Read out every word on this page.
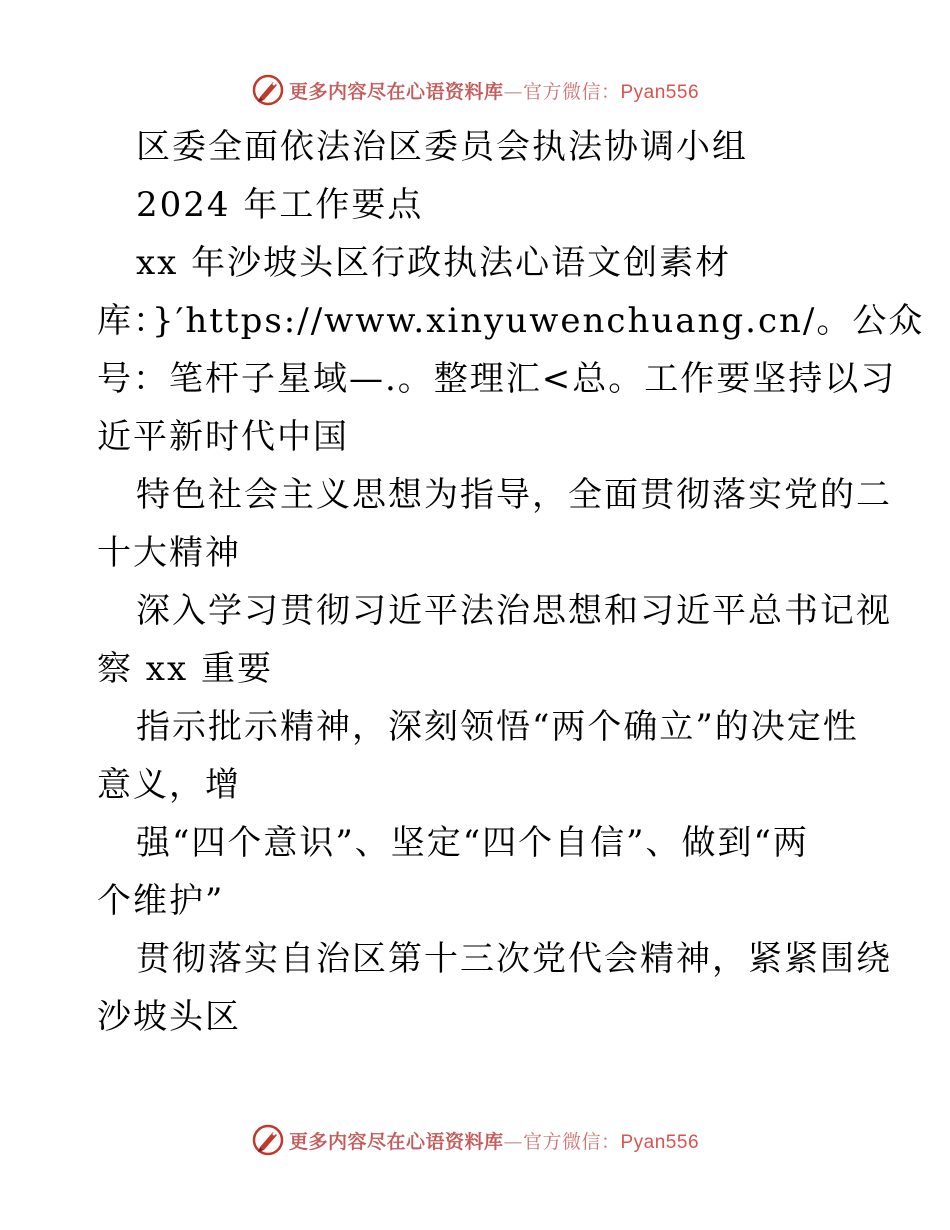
更多内容尽在心语资料库—官方微信：Pyan556
区委全面依法治区委员会执法协调小组
2024 年工作要点
xx 年沙坡头区行政执法心语文创素材
库：}′https://www.xinyuwenchuang.cn/。公众
号：笔杆子星域—.。整理汇<总。工作要坚持以习
近平新时代中国
特色社会主义思想为指导，全面贯彻落实党的二
十大精神
深入学习贯彻习近平法治思想和习近平总书记视
察 xx 重要
指示批示精神，深刻领悟“两个确立”的决定性
意义，增
强“四个意识”、坚定“四个自信”、做到“两
个维护”
贯彻落实自治区第十三次党代会精神，紧紧围绕
沙坡头区
更多内容尽在心语资料库—官方微信：Pyan556
